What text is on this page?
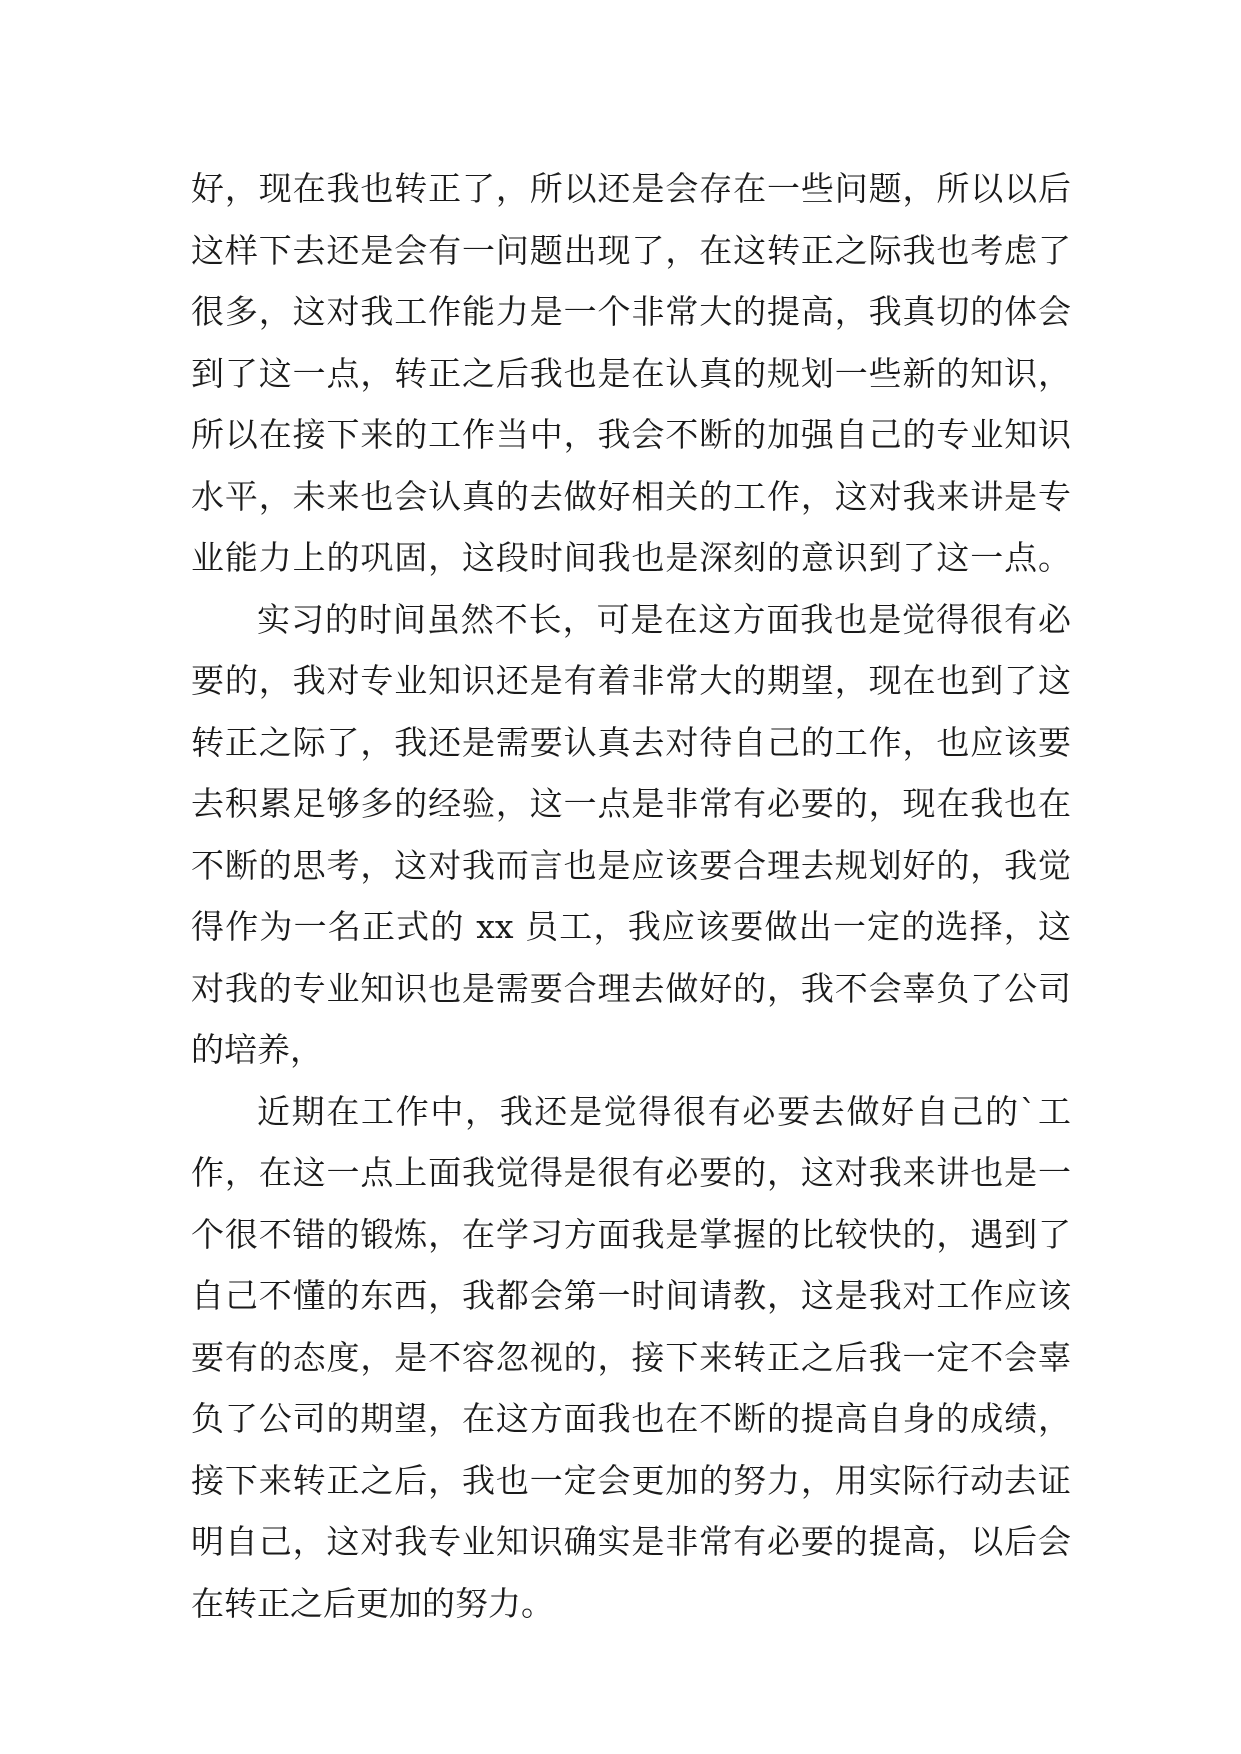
好，现在我也转正了，所以还是会存在一些问题，所以以后
这样下去还是会有一问题出现了，在这转正之际我也考虑了
很多，这对我工作能力是一个非常大的提高，我真切的体会
到了这一点，转正之后我也是在认真的规划一些新的知识，
所以在接下来的工作当中，我会不断的加强自己的专业知识
水平，未来也会认真的去做好相关的工作，这对我来讲是专
业能力上的巩固，这段时间我也是深刻的意识到了这一点。
实习的时间虽然不长，可是在这方面我也是觉得很有必
要的，我对专业知识还是有着非常大的期望，现在也到了这
转正之际了，我还是需要认真去对待自己的工作，也应该要
去积累足够多的经验，这一点是非常有必要的，现在我也在
不断的思考，这对我而言也是应该要合理去规划好的，我觉
得作为一名正式的 xx 员工，我应该要做出一定的选择，这
对我的专业知识也是需要合理去做好的，我不会辜负了公司
的培养，
近期在工作中，我还是觉得很有必要去做好自己的`工
作，在这一点上面我觉得是很有必要的，这对我来讲也是一
个很不错的锻炼，在学习方面我是掌握的比较快的，遇到了
自己不懂的东西，我都会第一时间请教，这是我对工作应该
要有的态度，是不容忽视的，接下来转正之后我一定不会辜
负了公司的期望，在这方面我也在不断的提高自身的成绩，
接下来转正之后，我也一定会更加的努力，用实际行动去证
明自己，这对我专业知识确实是非常有必要的提高，以后会
在转正之后更加的努力。
